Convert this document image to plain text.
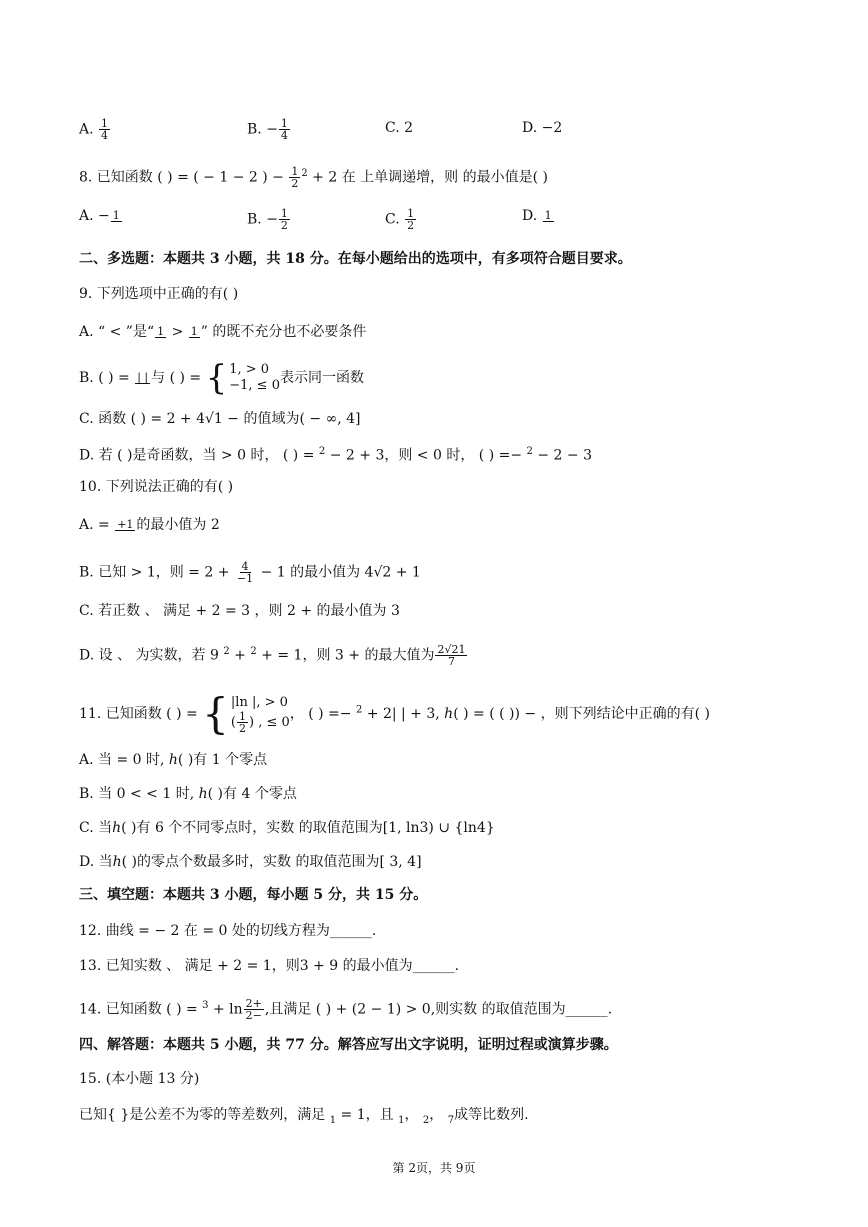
A. $\frac{1}{4}$	B. − $\frac{1}{4}$	C. 2	D. −2
8. 已知函数 ( ) = ( − 1 − 2 ) − $\frac{1}{2} ^2 + 2$ 在 上单调递增，则 的最小值是( )
A. − 1	B. − $\frac{1}{2}$	C. $\frac{1}{2}$	D. 1
二、多选题：本题共 3 小题，共 18 分。在每小题给出的选项中，有多项符合题目要求。
9. 下列选项中正确的有( )
A. “ < ”是“ 1 > 1 ” 的既不充分也不必要条件
B. ( ) = | | 与 ( ) = { 1, > 0
−1, ≤ 0 表示同一函数
C. 函数 ( ) = 2 + 4√1 − 的值域为( − ∞, 4]
D. 若 ( )是奇函数，当 > 0 时， ( ) = $^2$ − 2 + 3，则 < 0 时， ( ) =− $^2$ − 2 − 3
10. 下列说法正确的有( )
A. = +1 的最小值为 2
B. 已知 > 1，则 = $2 + \frac{4}{-1} - 1$ 的最小值为 4√2 + 1
C. 若正数 、 满足 + 2 = 3 ，则 2 + 的最小值为 3
D. 设 、 为实数，若 9 $^2$ + $^2$ + = 1，则 3 + 的最大值为 $\frac{2√21}{7}$
11. 已知函数 ( ) = { |ln |, > 0
( $\frac{1}{2}$ ) , ≤ 0 ， ( ) =− $^2$ + 2| | + 3, ℎ( ) = ( ( )) − ，则下列结论中正确的有( )
A. 当 = 0 时, ℎ( )有 1 个零点
B. 当 0 < < 1 时, ℎ( )有 4 个零点
C. 当ℎ( )有 6 个不同零点时，实数 的取值范围为[1, ln3) ∪ {ln4}
D. 当ℎ( )的零点个数最多时，实数 的取值范围为[ 3, 4]
三、填空题：本题共 3 小题，每小题 5 分，共 15 分。
12. 曲线 = − 2 在 = 0 处的切线方程为______.
13. 已知实数 、 满足 + 2 = 1，则3 + 9 的最小值为______.
14. 已知函数 ( ) = $^3 + \ln \frac{2+}{2-}$ ,且满足 ( ) + (2 − 1) > 0,则实数 的取值范围为______.
四、解答题：本题共 5 小题，共 77 分。解答应写出文字说明，证明过程或演算步骤。
15. (本小题 13 分)
已知{ }是公差不为零的等差数列，满足 $_1$ = 1，且 $_1$， $_2$， $_7$成等比数列.
第 2页，共 9页
